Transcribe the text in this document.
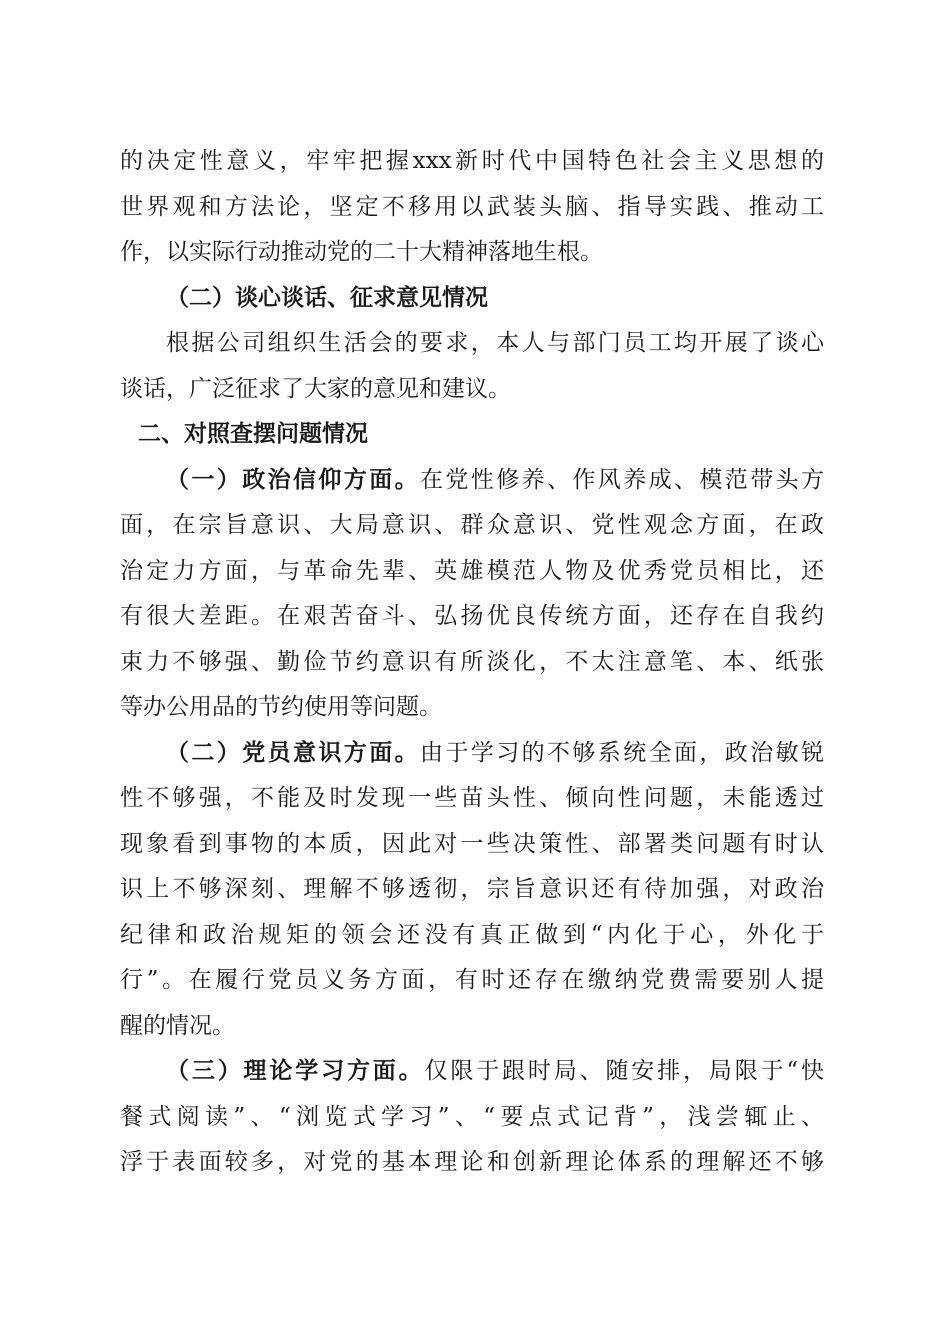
的决定性意义，牢牢把握xxx新时代中国特色社会主义思想的
世界观和方法论，坚定不移用以武装头脑、指导实践、推动工
作，以实际行动推动党的二十大精神落地生根。
（二）谈心谈话、征求意见情况
根据公司组织生活会的要求，本人与部门员工均开展了谈心
谈话，广泛征求了大家的意见和建议。
二、对照查摆问题情况
（一）政治信仰方面。在党性修养、作风养成、模范带头方
面，在宗旨意识、大局意识、群众意识、党性观念方面，在政
治定力方面，与革命先辈、英雄模范人物及优秀党员相比，还
有很大差距。在艰苦奋斗、弘扬优良传统方面，还存在自我约
束力不够强、勤俭节约意识有所淡化，不太注意笔、本、纸张
等办公用品的节约使用等问题。
（二）党员意识方面。由于学习的不够系统全面，政治敏锐
性不够强，不能及时发现一些苗头性、倾向性问题，未能透过
现象看到事物的本质，因此对一些决策性、部署类问题有时认
识上不够深刻、理解不够透彻，宗旨意识还有待加强，对政治
纪律和政治规矩的领会还没有真正做到“内化于心，外化于
行”。在履行党员义务方面，有时还存在缴纳党费需要别人提
醒的情况。
（三）理论学习方面。仅限于跟时局、随安排，局限于“快
餐式阅读”、“浏览式学习”、“要点式记背”，浅尝辄止、
浮于表面较多，对党的基本理论和创新理论体系的理解还不够
